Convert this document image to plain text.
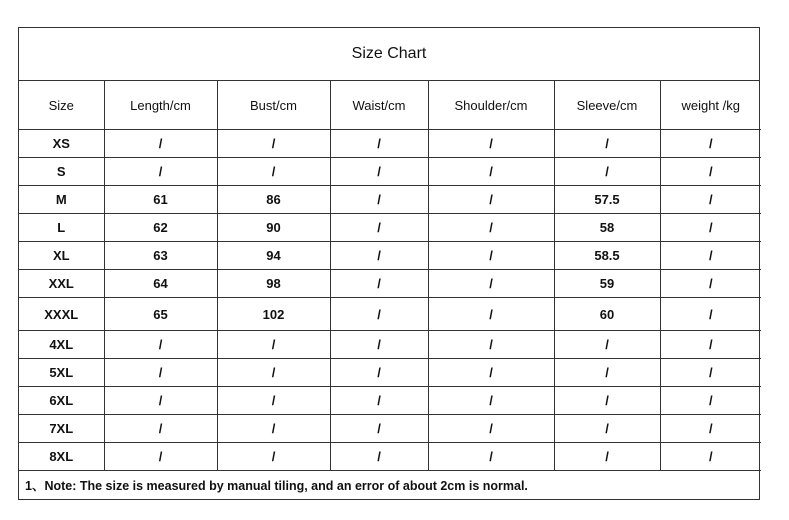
Size Chart
Size	Length/cm	Bust/cm	Waist/cm	Shoulder/cm	Sleeve/cm	weight /kg
XS	/	/	/	/	/	/
S	/	/	/	/	/	/
M	61	86	/	/	57.5	/
L	62	90	/	/	58	/
XL	63	94	/	/	58.5	/
XXL	64	98	/	/	59	/
XXXL	65	102	/	/	60	/
4XL	/	/	/	/	/	/
5XL	/	/	/	/	/	/
6XL	/	/	/	/	/	/
7XL	/	/	/	/	/	/
8XL	/	/	/	/	/	/
1、Note: The size is measured by manual tiling, and an error of about 2cm is normal.
